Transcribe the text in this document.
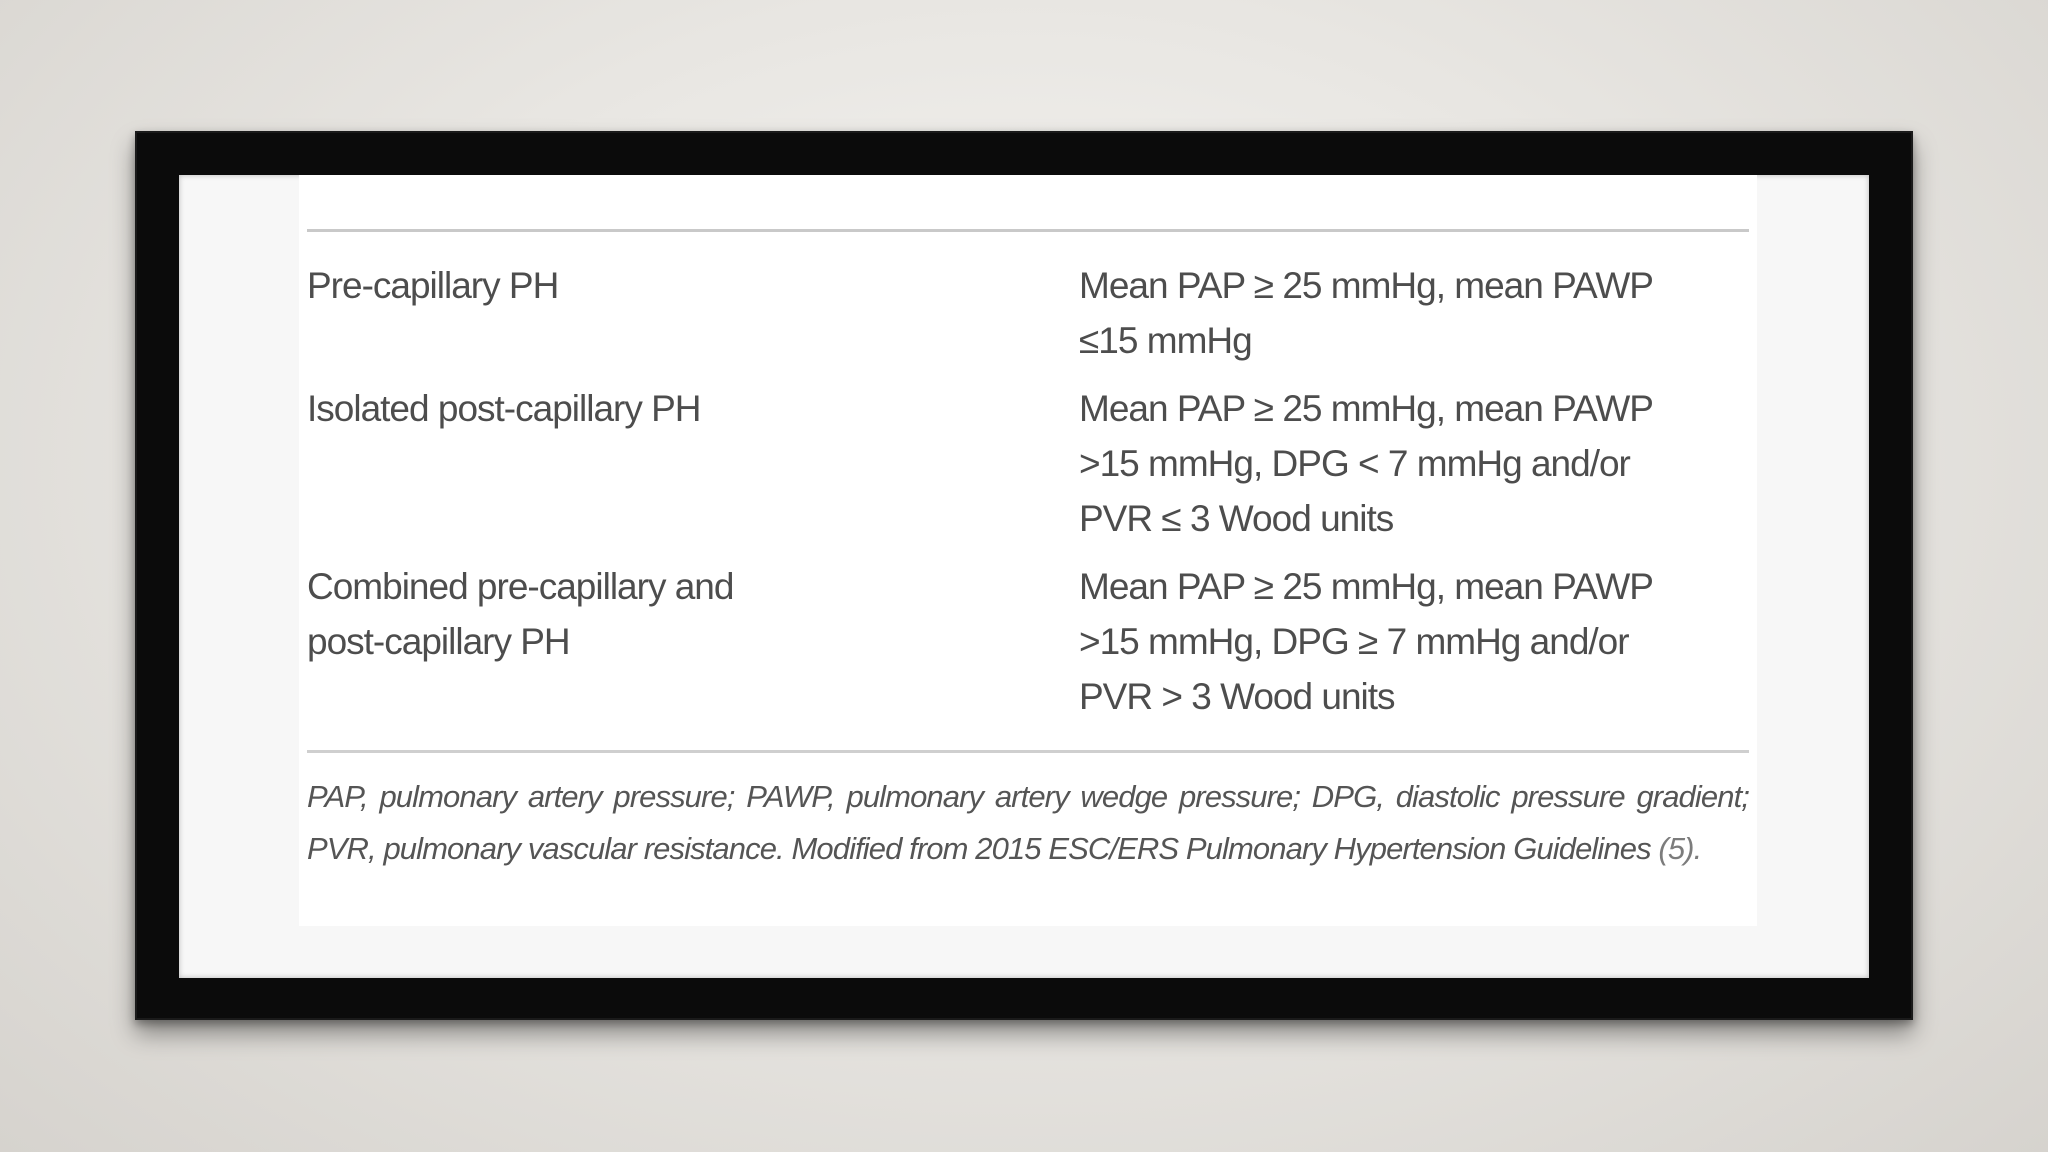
Pre-capillary PH	Mean PAP ≥ 25 mmHg, mean PAWP
≤15 mmHg
Isolated post-capillary PH	Mean PAP ≥ 25 mmHg, mean PAWP
>15 mmHg, DPG < 7 mmHg and/or
PVR ≤ 3 Wood units
Combined pre-capillary and post-capillary PH
Mean PAP ≥ 25 mmHg, mean PAWP
>15 mmHg, DPG ≥ 7 mmHg and/or
PVR > 3 Wood units
PAP, pulmonary artery pressure; PAWP, pulmonary artery wedge pressure; DPG, diastolic pressure gradient; PVR, pulmonary vascular resistance. Modified from 2015 ESC/ERS Pulmonary Hypertension Guidelines (5).
